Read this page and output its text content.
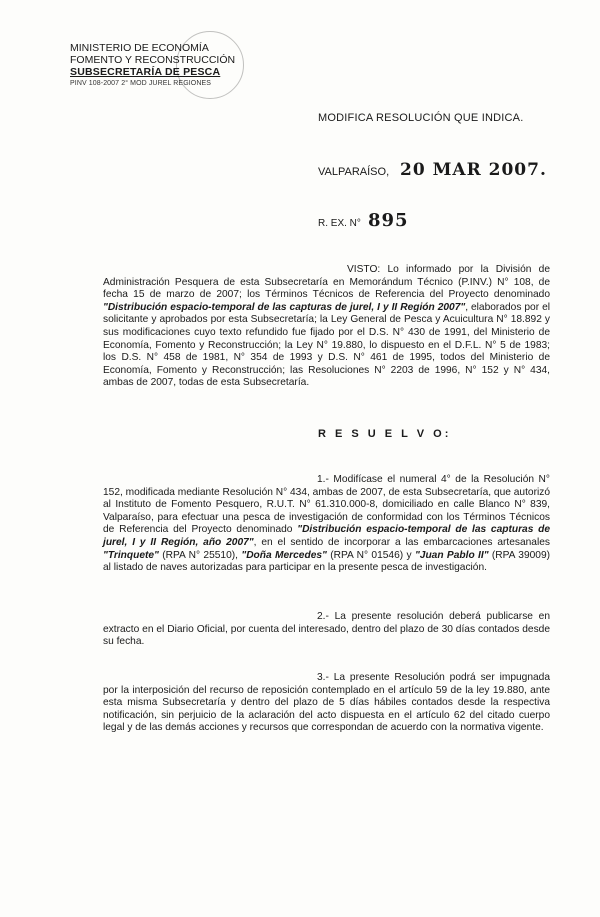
MINISTERIO DE ECONOMÍA
FOMENTO Y RECONSTRUCCIÓN
SUBSECRETARÍA DE PESCA
PINV 108-2007 2° MOD JUREL REGIONES
MODIFICA RESOLUCIÓN QUE INDICA.
VALPARAÍSO, 20 MAR 2007.
R. EX. N° 895
VISTO: Lo informado por la División de Administración Pesquera de esta Subsecretaría en Memorándum Técnico (P.INV.) N° 108, de fecha 15 de marzo de 2007; los Términos Técnicos de Referencia del Proyecto denominado "Distribución espacio-temporal de las capturas de jurel, I y II Región 2007", elaborados por el solicitante y aprobados por esta Subsecretaría; la Ley General de Pesca y Acuicultura N° 18.892 y sus modificaciones cuyo texto refundido fue fijado por el D.S. N° 430 de 1991, del Ministerio de Economía, Fomento y Reconstrucción; la Ley N° 19.880, lo dispuesto en el D.F.L. N° 5 de 1983; los D.S. N° 458 de 1981, N° 354 de 1993 y D.S. N° 461 de 1995, todos del Ministerio de Economía, Fomento y Reconstrucción; las Resoluciones N° 2203 de 1996, N° 152 y N° 434, ambas de 2007, todas de esta Subsecretaría.
R E S U E L V O:
1.- Modifícase el numeral 4° de la Resolución N° 152, modificada mediante Resolución N° 434, ambas de 2007, de esta Subsecretaría, que autorizó al Instituto de Fomento Pesquero, R.U.T. N° 61.310.000-8, domiciliado en calle Blanco N° 839, Valparaíso, para efectuar una pesca de investigación de conformidad con los Términos Técnicos de Referencia del Proyecto denominado "Distribución espacio-temporal de las capturas de jurel, I y II Región, año 2007", en el sentido de incorporar a las embarcaciones artesanales "Trinquete" (RPA N° 25510), "Doña Mercedes" (RPA N° 01546) y "Juan Pablo II" (RPA 39009) al listado de naves autorizadas para participar en la presente pesca de investigación.
2.- La presente resolución deberá publicarse en extracto en el Diario Oficial, por cuenta del interesado, dentro del plazo de 30 días contados desde su fecha.
3.- La presente Resolución podrá ser impugnada por la interposición del recurso de reposición contemplado en el artículo 59 de la ley 19.880, ante esta misma Subsecretaría y dentro del plazo de 5 días hábiles contados desde la respectiva notificación, sin perjuicio de la aclaración del acto dispuesta en el artículo 62 del citado cuerpo legal y de las demás acciones y recursos que correspondan de acuerdo con la normativa vigente.
